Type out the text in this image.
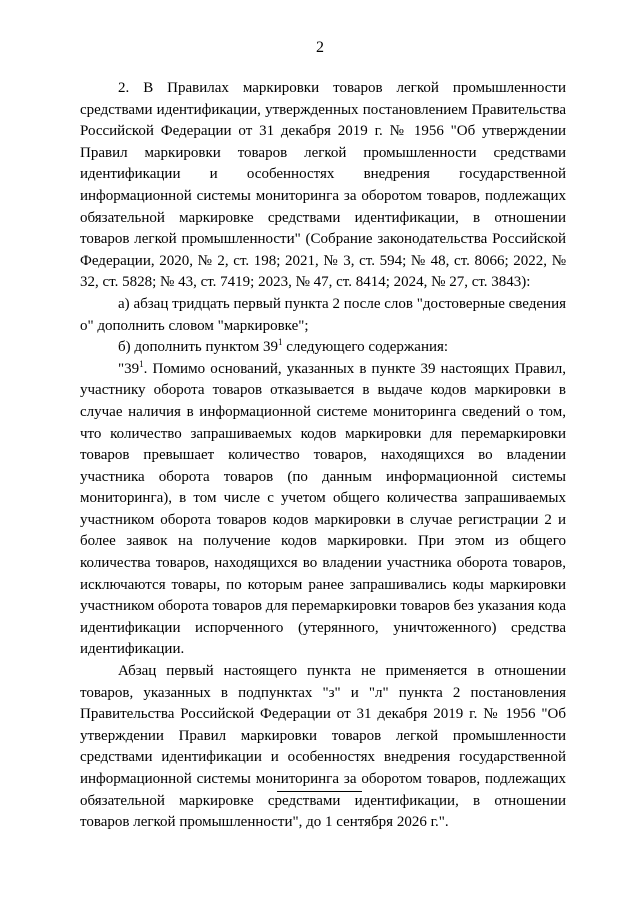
2

2. В Правилах маркировки товаров легкой промышленности средствами идентификации, утвержденных постановлением Правительства Российской Федерации от 31 декабря 2019 г. № 1956 "Об утверждении Правил маркировки товаров легкой промышленности средствами идентификации и особенностях внедрения государственной информационной системы мониторинга за оборотом товаров, подлежащих обязательной маркировке средствами идентификации, в отношении товаров легкой промышленности" (Собрание законодательства Российской Федерации, 2020, № 2, ст. 198; 2021, № 3, ст. 594; № 48, ст. 8066; 2022, № 32, ст. 5828; № 43, ст. 7419; 2023, № 47, ст. 8414; 2024, № 27, ст. 3843):

а) абзац тридцать первый пункта 2 после слов "достоверные сведения о" дополнить словом "маркировке";

б) дополнить пунктом $39^1$ следующего содержания:

"$39^1$. Помимо оснований, указанных в пункте 39 настоящих Правил, участнику оборота товаров отказывается в выдаче кодов маркировки в случае наличия в информационной системе мониторинга сведений о том, что количество запрашиваемых кодов маркировки для перемаркировки товаров превышает количество товаров, находящихся во владении участника оборота товаров (по данным информационной системы мониторинга), в том числе с учетом общего количества запрашиваемых участником оборота товаров кодов маркировки в случае регистрации 2 и более заявок на получение кодов маркировки. При этом из общего количества товаров, находящихся во владении участника оборота товаров, исключаются товары, по которым ранее запрашивались коды маркировки участником оборота товаров для перемаркировки товаров без указания кода идентификации испорченного (утерянного, уничтоженного) средства идентификации.

Абзац первый настоящего пункта не применяется в отношении товаров, указанных в подпунктах "з" и "л" пункта 2 постановления Правительства Российской Федерации от 31 декабря 2019 г. № 1956 "Об утверждении Правил маркировки товаров легкой промышленности средствами идентификации и особенностях внедрения государственной информационной системы мониторинга за оборотом товаров, подлежащих обязательной маркировке средствами идентификации, в отношении товаров легкой промышленности", до 1 сентября 2026 г.".
